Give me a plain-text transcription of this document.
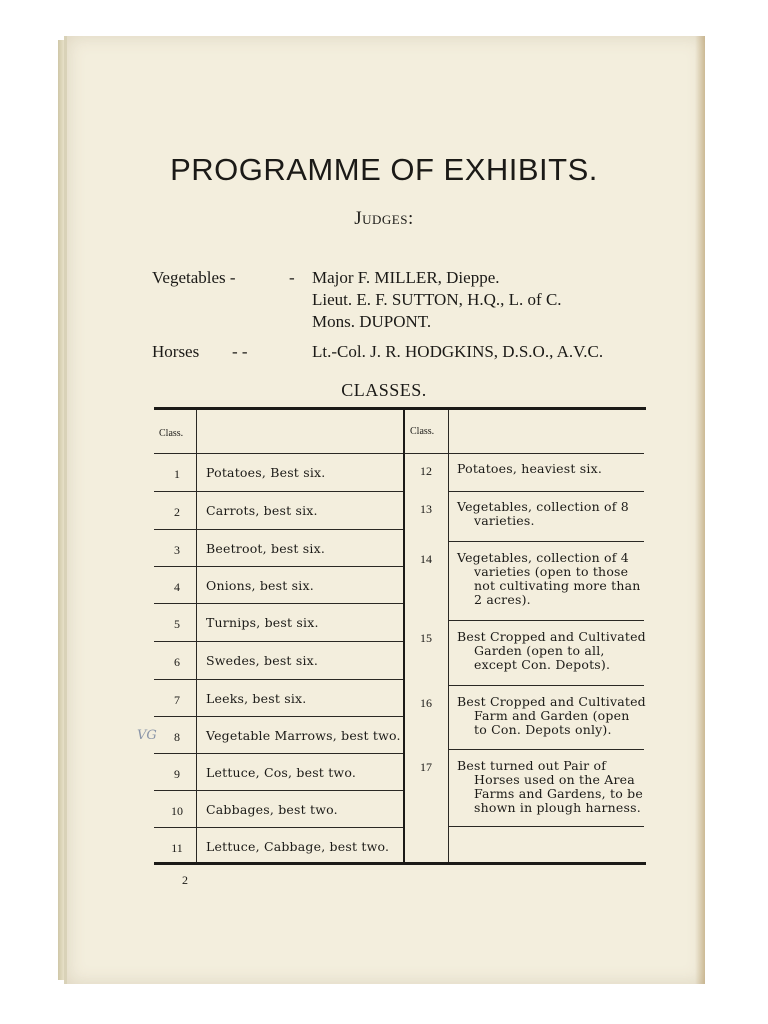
PROGRAMME OF EXHIBITS.
Judges:
Vegetables -	- Major F. MILLER, Dieppe.
Lieut. E. F. SUTTON, H.Q., L. of C.
Mons. DUPONT.
Horses - -	Lt.-Col. J. R. HODGKINS, D.S.O., A.V.C.
CLASSES.
Class.	Class.
1	Potatoes, Best six.
2	Carrots, best six.
3	Beetroot, best six.
4	Onions, best six.
5	Turnips, best six.
6	Swedes, best six.
7	Leeks, best six.
8	Vegetable Marrows, best two.
9	Lettuce, Cos, best two.
10	Cabbages, best two.
11	Lettuce, Cabbage, best two.
12	Potatoes, heaviest six.
13	Vegetables, collection of 8
varieties.
14	Vegetables, collection of 4
varieties (open to those
not cultivating more than
2 acres).
15	Best Cropped and Cultivated
Garden (open to all,
except Con. Depots).
16	Best Cropped and Cultivated
Farm and Garden (open
to Con. Depots only).
17	Best turned out Pair of
Horses used on the Area
Farms and Gardens, to be
shown in plough harness.
VG
2
